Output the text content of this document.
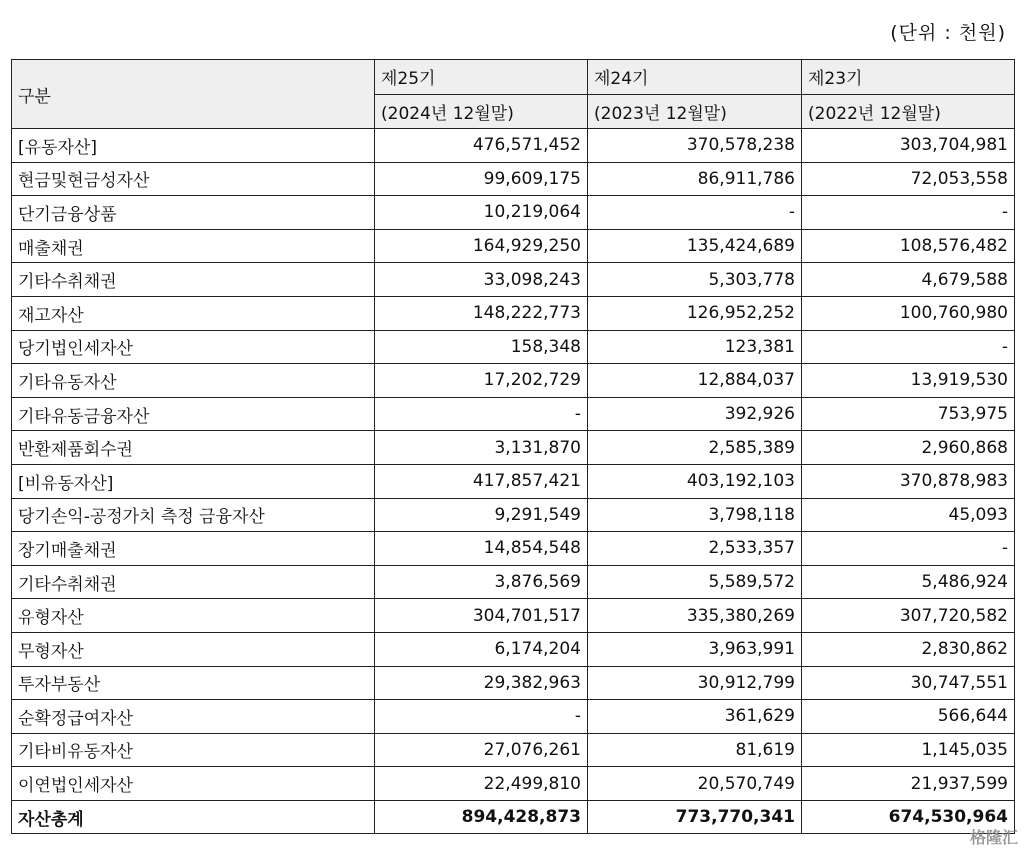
(단위 : 천원)
구분	제25기	제24기	제23기
	(2024년 12월말)	(2023년 12월말)	(2022년 12월말)
[유동자산]	476,571,452	370,578,238	303,704,981
현금및현금성자산	99,609,175	86,911,786	72,053,558
단기금융상품	10,219,064	-	-
매출채권	164,929,250	135,424,689	108,576,482
기타수취채권	33,098,243	5,303,778	4,679,588
재고자산	148,222,773	126,952,252	100,760,980
당기법인세자산	158,348	123,381	-
기타유동자산	17,202,729	12,884,037	13,919,530
기타유동금융자산	-	392,926	753,975
반환제품회수권	3,131,870	2,585,389	2,960,868
[비유동자산]	417,857,421	403,192,103	370,878,983
당기손익-공정가치 측정 금융자산	9,291,549	3,798,118	45,093
장기매출채권	14,854,548	2,533,357	-
기타수취채권	3,876,569	5,589,572	5,486,924
유형자산	304,701,517	335,380,269	307,720,582
무형자산	6,174,204	3,963,991	2,830,862
투자부동산	29,382,963	30,912,799	30,747,551
순확정급여자산	-	361,629	566,644
기타비유동자산	27,076,261	81,619	1,145,035
이연법인세자산	22,499,810	20,570,749	21,937,599
자산총계	894,428,873	773,770,341	674,530,964
格隆汇
